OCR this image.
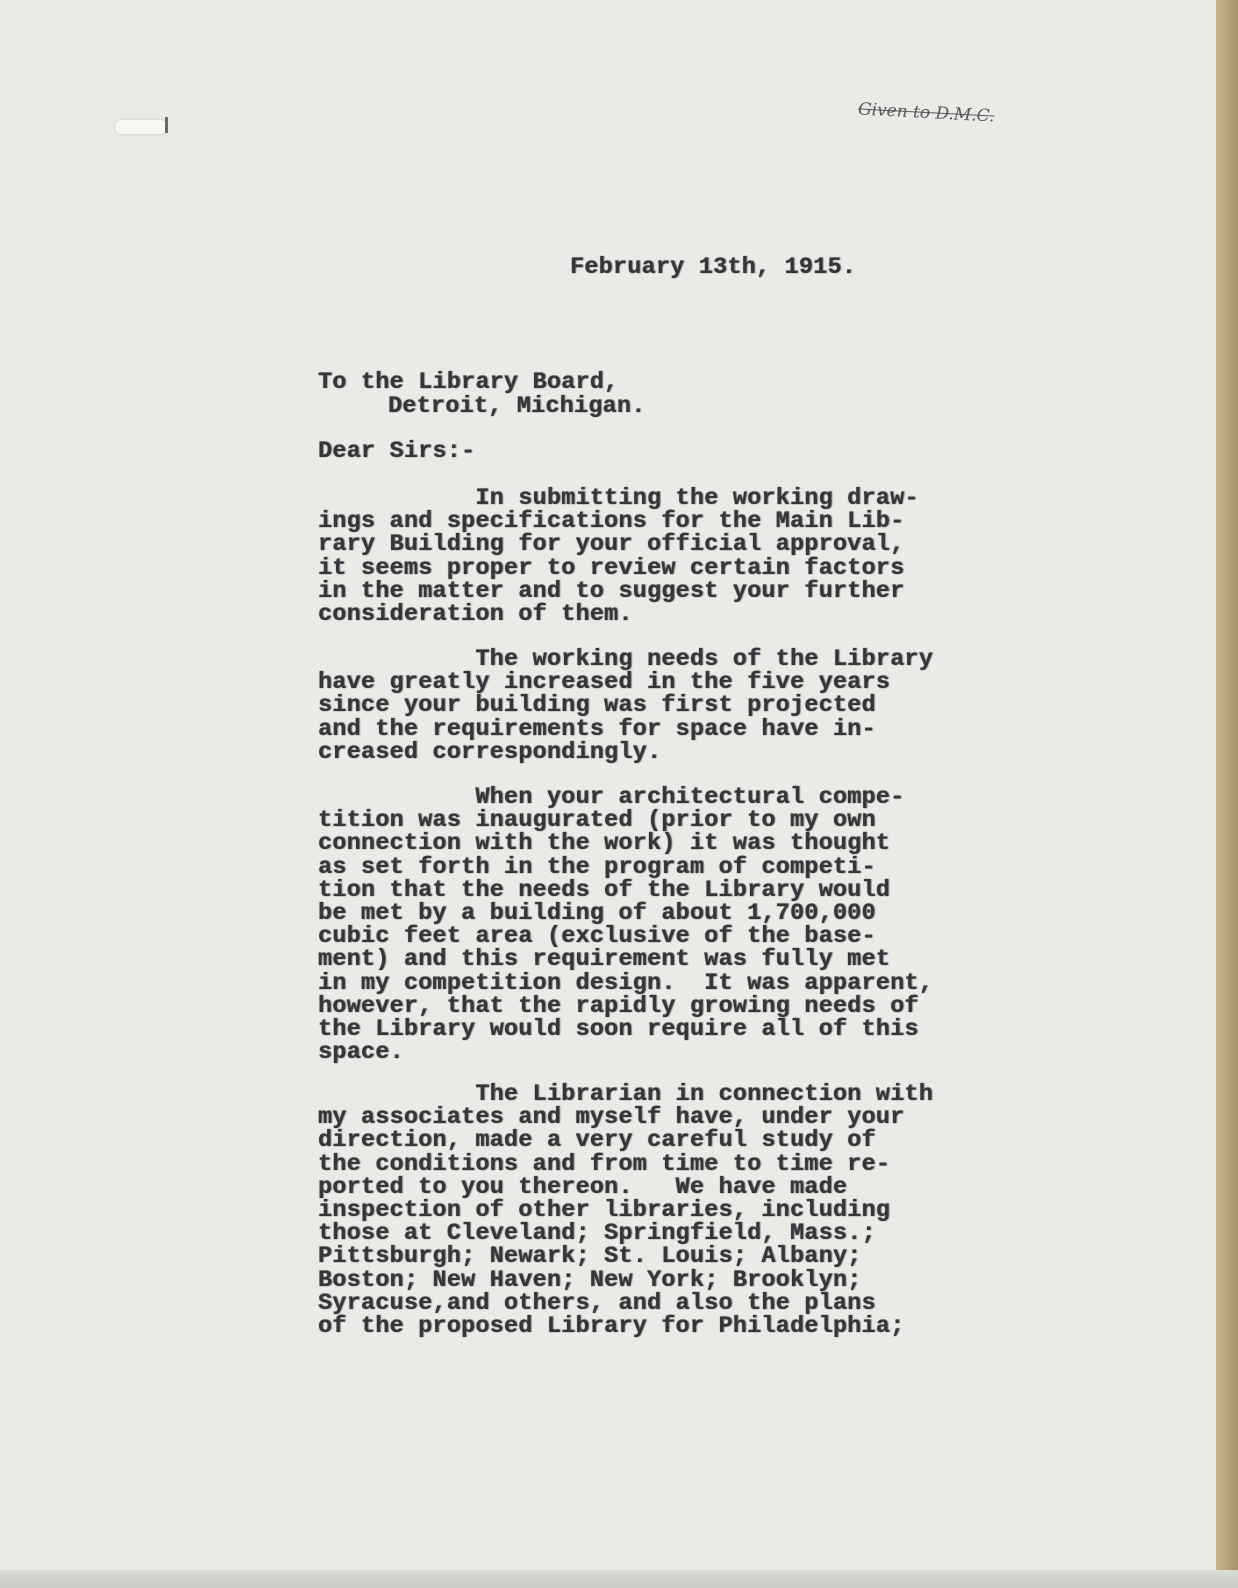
Given to D.M.C.
February 13th, 1915.
To the Library Board,
Detroit, Michigan.
Dear Sirs:-
In submitting the working draw-
ings and specifications for the Main Lib-
rary Building for your official approval,
it seems proper to review certain factors
in the matter and to suggest your further
consideration of them.
The working needs of the Library
have greatly increased in the five years
since your building was first projected
and the requirements for space have in-
creased correspondingly.
When your architectural compe-
tition was inaugurated (prior to my own
connection with the work) it was thought
as set forth in the program of competi-
tion that the needs of the Library would
be met by a building of about 1,700,000
cubic feet area (exclusive of the base-
ment) and this requirement was fully met
in my competition design.  It was apparent,
however, that the rapidly growing needs of
the Library would soon require all of this
space.
The Librarian in connection with
my associates and myself have, under your
direction, made a very careful study of
the conditions and from time to time re-
ported to you thereon.   We have made
inspection of other libraries, including
those at Cleveland; Springfield, Mass.;
Pittsburgh; Newark; St. Louis; Albany;
Boston; New Haven; New York; Brooklyn;
Syracuse,and others, and also the plans
of the proposed Library for Philadelphia;
